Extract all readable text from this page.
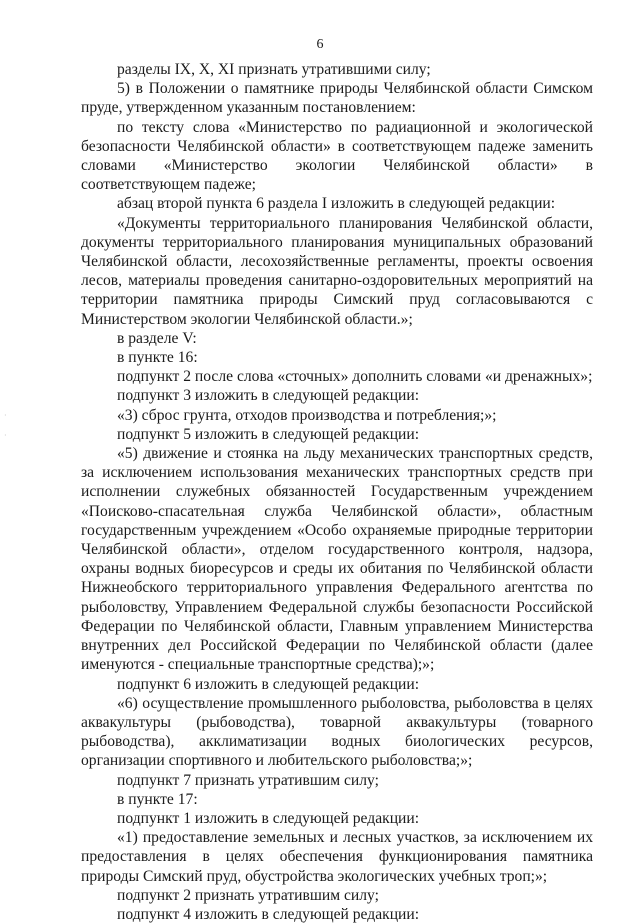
6

разделы IX, X, XI признать утратившими силу;

5) в Положении о памятнике природы Челябинской области Симском пруде, утвержденном указанным постановлением:

по тексту слова «Министерство по радиационной и экологической безопасности Челябинской области» в соответствующем падеже заменить словами «Министерство экологии Челябинской области» в соответствующем падеже;

абзац второй пункта 6 раздела I изложить в следующей редакции:

«Документы территориального планирования Челябинской области, документы территориального планирования муниципальных образований Челябинской области, лесохозяйственные регламенты, проекты освоения лесов, материалы проведения санитарно-оздоровительных мероприятий на территории памятника природы Симский пруд согласовываются с Министерством экологии Челябинской области.»;

в разделе V:

в пункте 16:

подпункт 2 после слова «сточных» дополнить словами «и дренажных»;

подпункт 3 изложить в следующей редакции:

«3) сброс грунта, отходов производства и потребления;»;

подпункт 5 изложить в следующей редакции:

«5) движение и стоянка на льду механических транспортных средств, за исключением использования механических транспортных средств при исполнении служебных обязанностей Государственным учреждением «Поисково-спасательная служба Челябинской области», областным государственным учреждением «Особо охраняемые природные территории Челябинской области», отделом государственного контроля, надзора, охраны водных биоресурсов и среды их обитания по Челябинской области Нижнеобского территориального управления Федерального агентства по рыболовству, Управлением Федеральной службы безопасности Российской Федерации по Челябинской области, Главным управлением Министерства внутренних дел Российской Федерации по Челябинской области (далее именуются - специальные транспортные средства);»;

подпункт 6 изложить в следующей редакции:

«6) осуществление промышленного рыболовства, рыболовства в целях аквакультуры (рыбоводства), товарной аквакультуры (товарного рыбоводства), акклиматизации водных биологических ресурсов, организации спортивного и любительского рыболовства;»;

подпункт 7 признать утратившим силу;

в пункте 17:

подпункт 1 изложить в следующей редакции:

«1) предоставление земельных и лесных участков, за исключением их предоставления в целях обеспечения функционирования памятника природы Симский пруд, обустройства экологических учебных троп;»;

подпункт 2 признать утратившим силу;

подпункт 4 изложить в следующей редакции:

·
·
